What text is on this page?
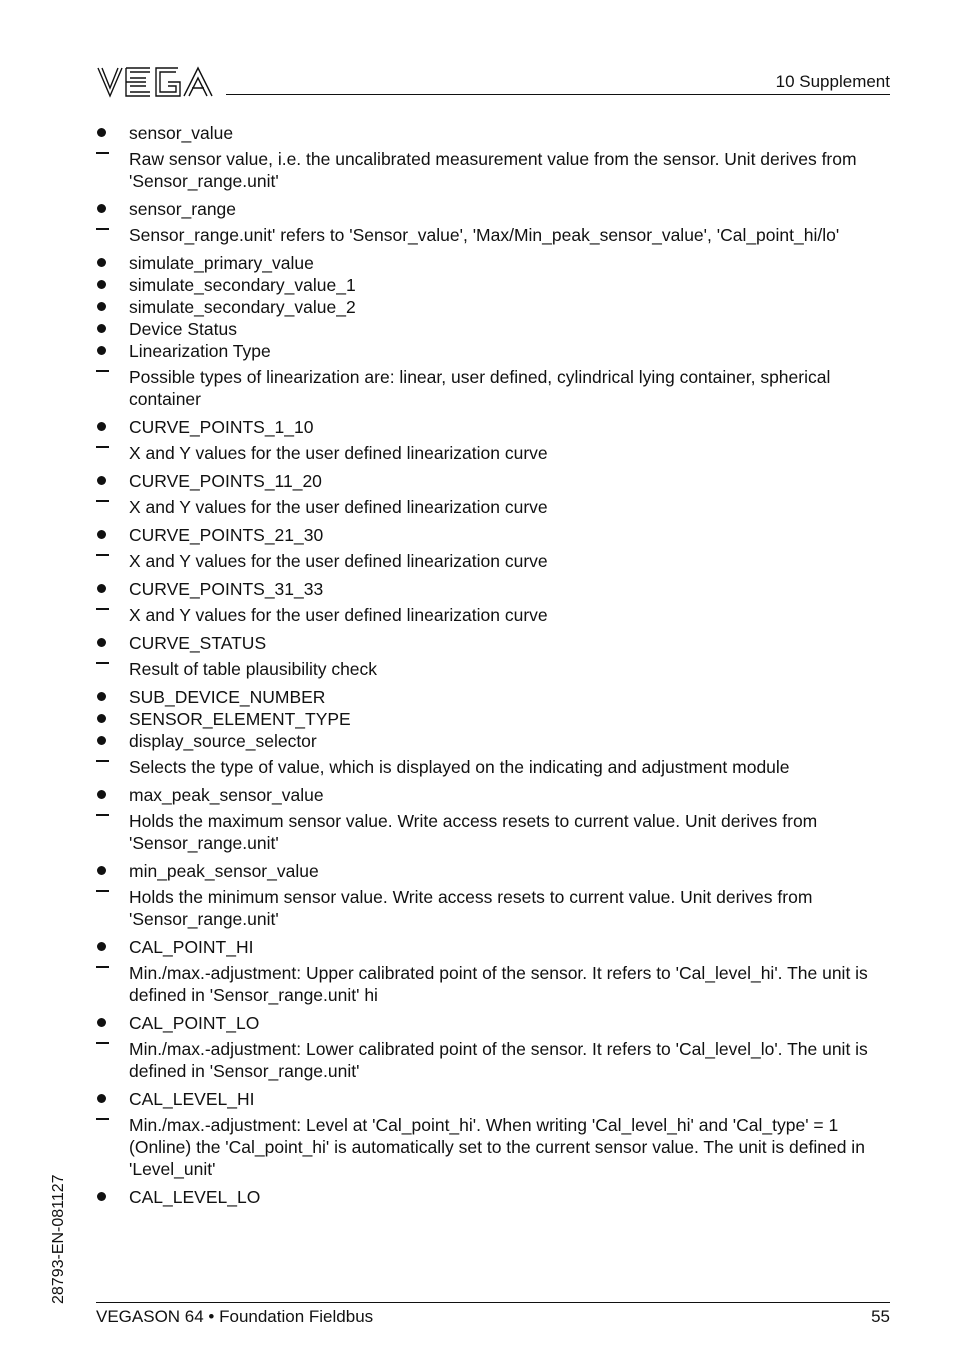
10 Supplement
sensor_value
Raw sensor value, i.e. the uncalibrated measurement value from the sensor. Unit derives from 'Sensor_range.unit'
sensor_range
Sensor_range.unit' refers to 'Sensor_value', 'Max/Min_peak_sensor_value', 'Cal_point_hi/lo'
simulate_primary_value
simulate_secondary_value_1
simulate_secondary_value_2
Device Status
Linearization Type
Possible types of linearization are: linear, user defined, cylindrical lying container, spherical container
CURVE_POINTS_1_10
X and Y values for the user defined linearization curve
CURVE_POINTS_11_20
X and Y values for the user defined linearization curve
CURVE_POINTS_21_30
X and Y values for the user defined linearization curve
CURVE_POINTS_31_33
X and Y values for the user defined linearization curve
CURVE_STATUS
Result of table plausibility check
SUB_DEVICE_NUMBER
SENSOR_ELEMENT_TYPE
display_source_selector
Selects the type of value, which is displayed on the indicating and adjustment module
max_peak_sensor_value
Holds the maximum sensor value. Write access resets to current value. Unit derives from 'Sensor_range.unit'
min_peak_sensor_value
Holds the minimum sensor value. Write access resets to current value. Unit derives from 'Sensor_range.unit'
CAL_POINT_HI
Min./max.-adjustment: Upper calibrated point of the sensor. It refers to 'Cal_level_hi'. The unit is defined in 'Sensor_range.unit' hi
CAL_POINT_LO
Min./max.-adjustment: Lower calibrated point of the sensor. It refers to 'Cal_level_lo'. The unit is defined in 'Sensor_range.unit'
CAL_LEVEL_HI
Min./max.-adjustment: Level at 'Cal_point_hi'. When writing 'Cal_level_hi' and 'Cal_type' = 1 (Online) the 'Cal_point_hi' is automatically set to the current sensor value. The unit is defined in 'Level_unit'
CAL_LEVEL_LO
VEGASON 64 • Foundation Fieldbus	55
28793-EN-081127
